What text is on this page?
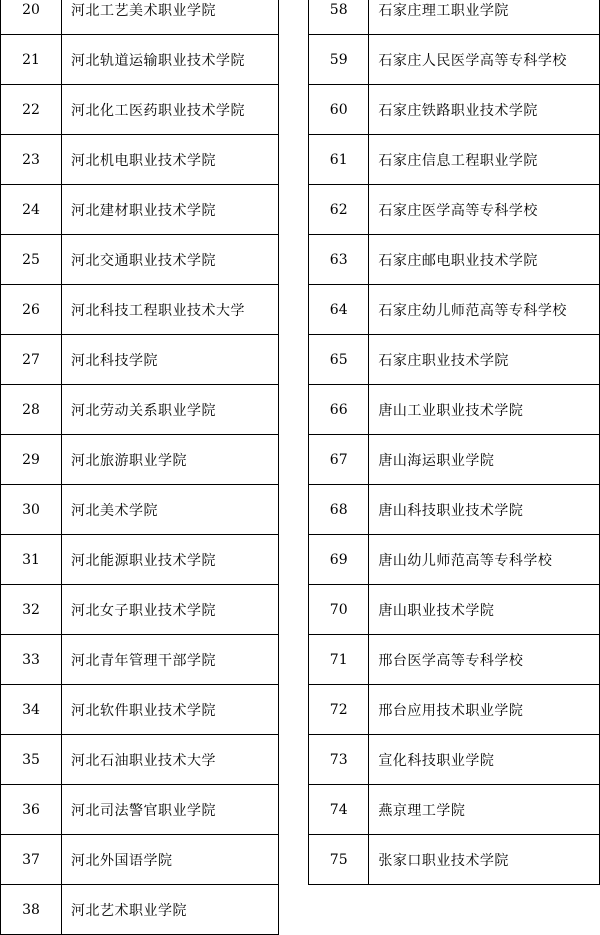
20	河北工艺美术职业学院
21	河北轨道运输职业技术学院
22	河北化工医药职业技术学院
23	河北机电职业技术学院
24	河北建材职业技术学院
25	河北交通职业技术学院
26	河北科技工程职业技术大学
27	河北科技学院
28	河北劳动关系职业学院
29	河北旅游职业学院
30	河北美术学院
31	河北能源职业技术学院
32	河北女子职业技术学院
33	河北青年管理干部学院
34	河北软件职业技术学院
35	河北石油职业技术大学
36	河北司法警官职业学院
37	河北外国语学院
38	河北艺术职业学院
58	石家庄理工职业学院
59	石家庄人民医学高等专科学校
60	石家庄铁路职业技术学院
61	石家庄信息工程职业学院
62	石家庄医学高等专科学校
63	石家庄邮电职业技术学院
64	石家庄幼儿师范高等专科学校
65	石家庄职业技术学院
66	唐山工业职业技术学院
67	唐山海运职业学院
68	唐山科技职业技术学院
69	唐山幼儿师范高等专科学校
70	唐山职业技术学院
71	邢台医学高等专科学校
72	邢台应用技术职业学院
73	宣化科技职业学院
74	燕京理工学院
75	张家口职业技术学院
